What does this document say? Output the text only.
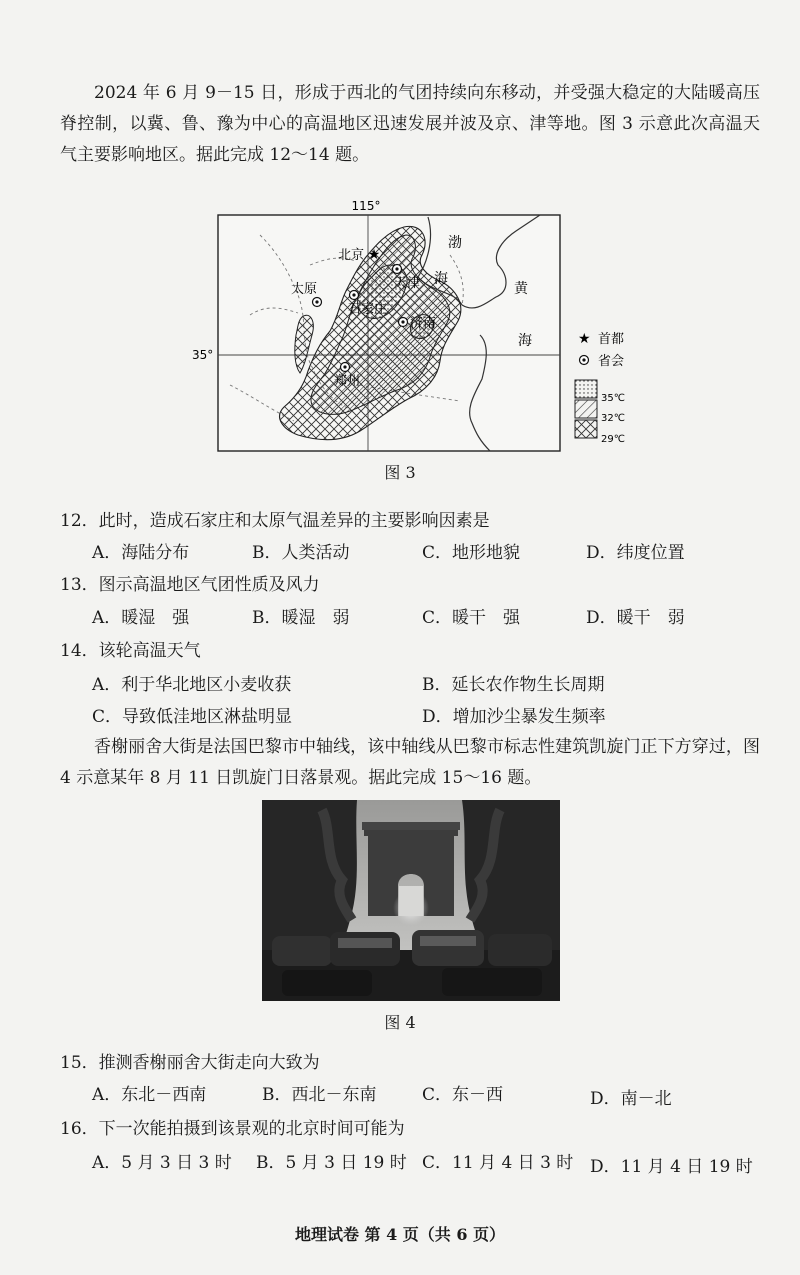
2024 年 6 月 9－15 日，形成于西北的气团持续向东移动，并受强大稳定的大陆暖高压脊控制，以冀、鲁、豫为中心的高温地区迅速发展并波及京、津等地。图 3 示意此次高温天气主要影响地区。据此完成 12～14 题。
115°
35°
★
北京
天津
太原
石家庄
济南
郑州
渤
海
黄
海	★ 首都
省会
35℃
32℃
29℃
图 3
12．此时，造成石家庄和太原气温差异的主要影响因素是
A．海陆分布	B．人类活动	C．地形地貌	D．纬度位置
13．图示高温地区气团性质及风力
A．暖湿　强	B．暖湿　弱	C．暖干　强	D．暖干　弱
14．该轮高温天气
A．利于华北地区小麦收获	B．延长农作物生长周期
C．导致低洼地区淋盐明显	D．增加沙尘暴发生频率
香榭丽舍大街是法国巴黎市中轴线，该中轴线从巴黎市标志性建筑凯旋门正下方穿过，图 4 示意某年 8 月 11 日凯旋门日落景观。据此完成 15～16 题。
图 4
15．推测香榭丽舍大街走向大致为
A．东北－西南	B．西北－东南	C．东－西	D．南－北
16．下一次能拍摄到该景观的北京时间可能为
A．5 月 3 日 3 时 B．5 月 3 日 19 时 C．11 月 4 日 3 时 D．11 月 4 日 19 时
地理试卷 第 4 页（共 6 页）
